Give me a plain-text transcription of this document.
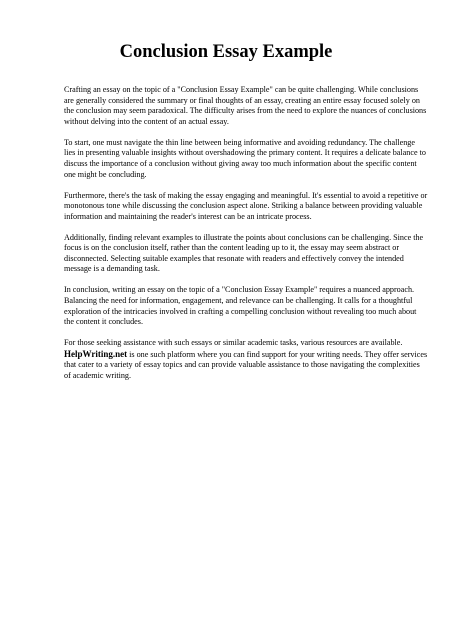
Conclusion Essay Example

Crafting an essay on the topic of a "Conclusion Essay Example" can be quite challenging. While conclusions are generally considered the summary or final thoughts of an essay, creating an entire essay focused solely on the conclusion may seem paradoxical. The difficulty arises from the need to explore the nuances of conclusions without delving into the content of an actual essay.

To start, one must navigate the thin line between being informative and avoiding redundancy. The challenge lies in presenting valuable insights without overshadowing the primary content. It requires a delicate balance to discuss the importance of a conclusion without giving away too much information about the specific content one might be concluding.

Furthermore, there's the task of making the essay engaging and meaningful. It's essential to avoid a repetitive or monotonous tone while discussing the conclusion aspect alone. Striking a balance between providing valuable information and maintaining the reader's interest can be an intricate process.

Additionally, finding relevant examples to illustrate the points about conclusions can be challenging. Since the focus is on the conclusion itself, rather than the content leading up to it, the essay may seem abstract or disconnected. Selecting suitable examples that resonate with readers and effectively convey the intended message is a demanding task.

In conclusion, writing an essay on the topic of a "Conclusion Essay Example" requires a nuanced approach. Balancing the need for information, engagement, and relevance can be challenging. It calls for a thoughtful exploration of the intricacies involved in crafting a compelling conclusion without revealing too much about the content it concludes.

For those seeking assistance with such essays or similar academic tasks, various resources are available. HelpWriting.net is one such platform where you can find support for your writing needs. They offer services that cater to a variety of essay topics and can provide valuable assistance to those navigating the complexities of academic writing.
